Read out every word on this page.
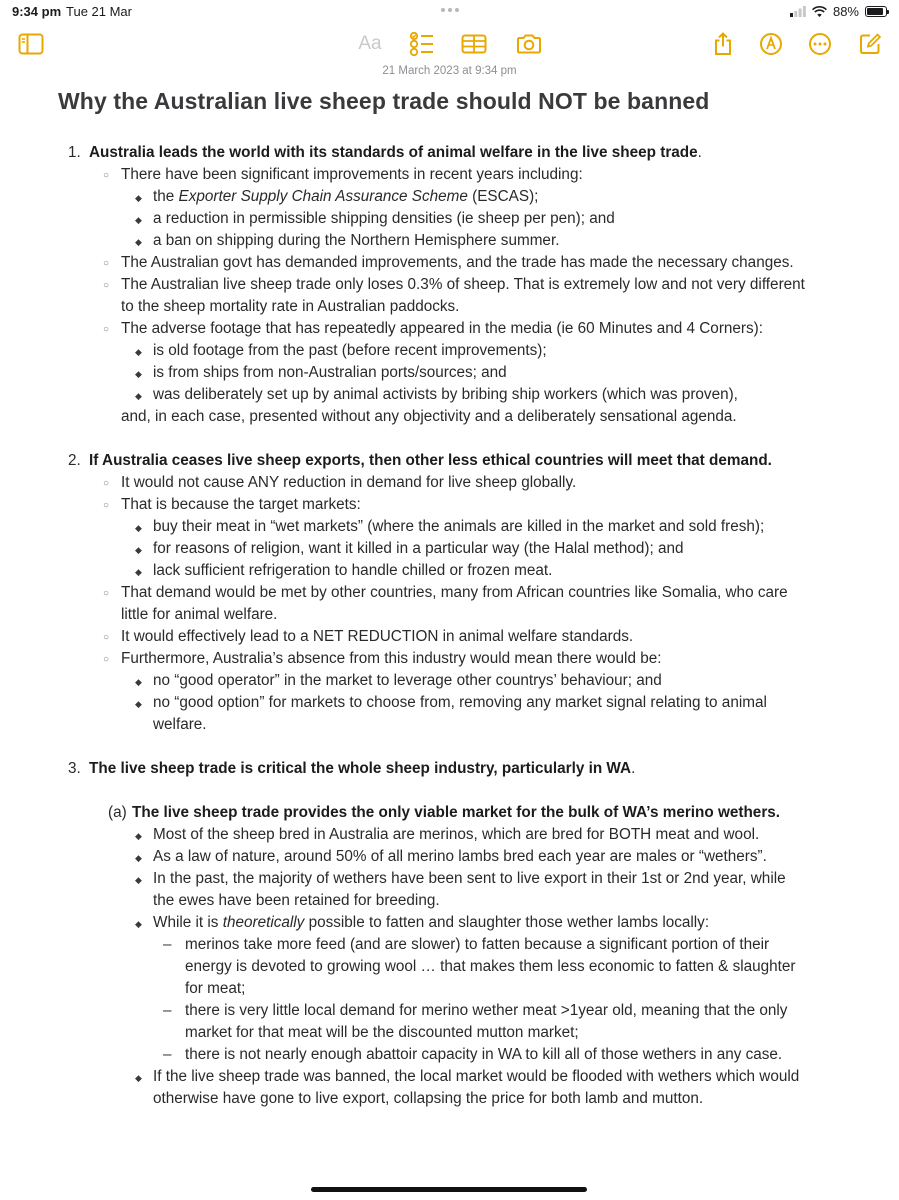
9:34 pm Tue 21 Mar	88%
Aa
21 March 2023 at 9:34 pm
Why the Australian live sheep trade should NOT be banned
1. Australia leads the world with its standards of animal welfare in the live sheep trade.
○ There have been significant improvements in recent years including:
◆ the Exporter Supply Chain Assurance Scheme (ESCAS);
◆ a reduction in permissible shipping densities (ie sheep per pen); and
◆ a ban on shipping during the Northern Hemisphere summer.
○ The Australian govt has demanded improvements, and the trade has made the necessary changes.
○ The Australian live sheep trade only loses 0.3% of sheep. That is extremely low and not very different
to the sheep mortality rate in Australian paddocks.
○ The adverse footage that has repeatedly appeared in the media (ie 60 Minutes and 4 Corners):
◆ is old footage from the past (before recent improvements);
◆ is from ships from non-Australian ports/sources; and
◆ was deliberately set up by animal activists by bribing ship workers (which was proven),
and, in each case, presented without any objectivity and a deliberately sensational agenda.
2. If Australia ceases live sheep exports, then other less ethical countries will meet that demand.
○ It would not cause ANY reduction in demand for live sheep globally.
○ That is because the target markets:
◆ buy their meat in “wet markets” (where the animals are killed in the market and sold fresh);
◆ for reasons of religion, want it killed in a particular way (the Halal method); and
◆ lack sufficient refrigeration to handle chilled or frozen meat.
○ That demand would be met by other countries, many from African countries like Somalia, who care
little for animal welfare.
○ It would effectively lead to a NET REDUCTION in animal welfare standards.
○ Furthermore, Australia’s absence from this industry would mean there would be:
◆ no “good operator” in the market to leverage other countrys’ behaviour; and
◆ no “good option” for markets to choose from, removing any market signal relating to animal
welfare.
3. The live sheep trade is critical the whole sheep industry, particularly in WA.
(a) The live sheep trade provides the only viable market for the bulk of WA’s merino wethers.
◆ Most of the sheep bred in Australia are merinos, which are bred for BOTH meat and wool.
◆ As a law of nature, around 50% of all merino lambs bred each year are males or “wethers”.
◆ In the past, the majority of wethers have been sent to live export in their 1st or 2nd year, while
the ewes have been retained for breeding.
◆ While it is theoretically possible to fatten and slaughter those wether lambs locally:
– merinos take more feed (and are slower) to fatten because a significant portion of their
energy is devoted to growing wool … that makes them less economic to fatten & slaughter
for meat;
– there is very little local demand for merino wether meat >1year old, meaning that the only
market for that meat will be the discounted mutton market;
– there is not nearly enough abattoir capacity in WA to kill all of those wethers in any case.
◆ If the live sheep trade was banned, the local market would be flooded with wethers which would
otherwise have gone to live export, collapsing the price for both lamb and mutton.
